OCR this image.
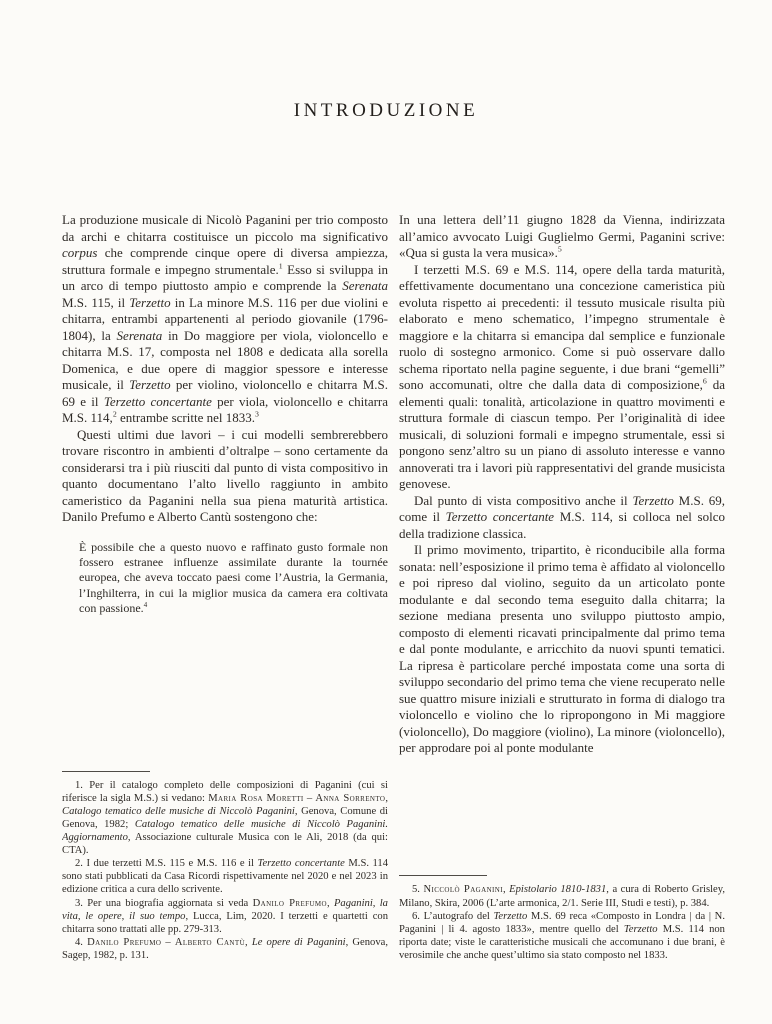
INTRODUZIONE

La produzione musicale di Nicolò Paganini per trio composto da archi e chitarra costituisce un piccolo ma significativo corpus che comprende cinque opere di diversa ampiezza, struttura formale e impegno strumentale.$^1$ Esso si sviluppa in un arco di tempo piuttosto ampio e comprende la Serenata M.S. 115, il Terzetto in La minore M.S. 116 per due violini e chitarra, entrambi appartenenti al periodo giovanile (1796-1804), la Serenata in Do maggiore per viola, violoncello e chitarra M.S. 17, composta nel 1808 e dedicata alla sorella Domenica, e due opere di maggior spessore e interesse musicale, il Terzetto per violino, violoncello e chitarra M.S. 69 e il Terzetto concertante per viola, violoncello e chitarra M.S. 114,$^2$ entrambe scritte nel 1833.$^3$

Questi ultimi due lavori – i cui modelli sembrerebbero trovare riscontro in ambienti d’oltralpe – sono certamente da considerarsi tra i più riusciti dal punto di vista compositivo in quanto documentano l’alto livello raggiunto in ambito cameristico da Paganini nella sua piena maturità artistica. Danilo Prefumo e Alberto Cantù sostengono che:

È possibile che a questo nuovo e raffinato gusto formale non fossero estranee influenze assimilate durante la tournée europea, che aveva toccato paesi come l’Austria, la Germania, l’Inghilterra, in cui la miglior musica da camera era coltivata con passione.$^4$

1. Per il catalogo completo delle composizioni di Paganini (cui si riferisce la sigla M.S.) si vedano: Maria Rosa Moretti – Anna Sorrento, Catalogo tematico delle musiche di Niccolò Paganini, Genova, Comune di Genova, 1982; Catalogo tematico delle musiche di Niccolò Paganini. Aggiornamento, Associazione culturale Musica con le Ali, 2018 (da qui: CTA).

2. I due terzetti M.S. 115 e M.S. 116 e il Terzetto concertante M.S. 114 sono stati pubblicati da Casa Ricordi rispettivamente nel 2020 e nel 2023 in edizione critica a cura dello scrivente.

3. Per una biografia aggiornata si veda Danilo Prefumo, Paganini, la vita, le opere, il suo tempo, Lucca, Lim, 2020. I terzetti e quartetti con chitarra sono trattati alle pp. 279-313.

4. Danilo Prefumo – Alberto Cantù, Le opere di Paganini, Genova, Sagep, 1982, p. 131.

In una lettera dell’11 giugno 1828 da Vienna, indirizzata all’amico avvocato Luigi Guglielmo Germi, Paganini scrive: «Qua si gusta la vera musica».$^5$

I terzetti M.S. 69 e M.S. 114, opere della tarda maturità, effettivamente documentano una concezione cameristica più evoluta rispetto ai precedenti: il tessuto musicale risulta più elaborato e meno schematico, l’impegno strumentale è maggiore e la chitarra si emancipa dal semplice e funzionale ruolo di sostegno armonico. Come si può osservare dallo schema riportato nella pagine seguente, i due brani “gemelli” sono accomunati, oltre che dalla data di composizione,$^6$ da elementi quali: tonalità, articolazione in quattro movimenti e struttura formale di ciascun tempo. Per l’originalità di idee musicali, di soluzioni formali e impegno strumentale, essi si pongono senz’altro su un piano di assoluto interesse e vanno annoverati tra i lavori più rappresentativi del grande musicista genovese.

Dal punto di vista compositivo anche il Terzetto M.S. 69, come il Terzetto concertante M.S. 114, si colloca nel solco della tradizione classica.

Il primo movimento, tripartito, è riconducibile alla forma sonata: nell’esposizione il primo tema è affidato al violoncello e poi ripreso dal violino, seguito da un articolato ponte modulante e dal secondo tema eseguito dalla chitarra; la sezione mediana presenta uno sviluppo piuttosto ampio, composto di elementi ricavati principalmente dal primo tema e dal ponte modulante, e arricchito da nuovi spunti tematici. La ripresa è particolare perché impostata come una sorta di sviluppo secondario del primo tema che viene recuperato nelle sue quattro misure iniziali e strutturato in forma di dialogo tra violoncello e violino che lo ripropongono in Mi maggiore (violoncello), Do maggiore (violino), La minore (violoncello), per approdare poi al ponte modulante

5. Niccolò Paganini, Epistolario 1810-1831, a cura di Roberto Grisley, Milano, Skira, 2006 (L’arte armonica, 2/1. Serie III, Studi e testi), p. 384.

6. L’autografo del Terzetto M.S. 69 reca «Composto in Londra | da | N. Paganini | li 4. agosto 1833», mentre quello del Terzetto M.S. 114 non riporta date; viste le caratteristiche musicali che accomunano i due brani, è verosimile che anche quest’ultimo sia stato composto nel 1833.
